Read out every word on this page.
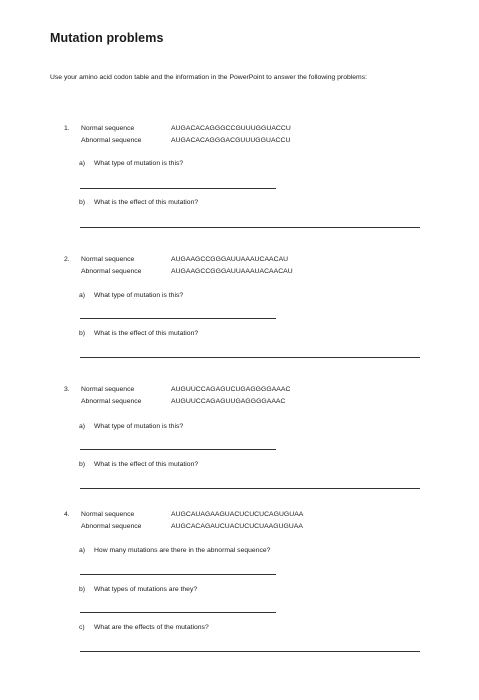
Mutation problems
Use your amino acid codon table and the information in the PowerPoint to answer the following problems:
1. Normal sequence	AUGACACAGGGCCGUUUGGUACCU
Abnormal sequence	AUGACACAGGGACGUUUGGUACCU
a) What type of mutation is this?
b) What is the effect of this mutation?
2. Normal sequence	AUGAAGCCGGGAUUAAAUCAACAU
Abnormal sequence	AUGAAGCCGGGAUUAAAUACAACAU
a) What type of mutation is this?
b) What is the effect of this mutation?
3. Normal sequence	AUGUUCCAGAGUCUGAGGGGAAAC
Abnormal sequence	AUGUUCCAGAGUUGAGGGGAAAC
a) What type of mutation is this?
b) What is the effect of this mutation?
4. Normal sequence	AUGCAUAGAAGUACUCUCUCAGUGUAA
Abnormal sequence	AUGCACAGAUCUACUCUCUAAGUGUAA
a) How many mutations are there in the abnormal sequence?
b) What types of mutations are they?
c) What are the effects of the mutations?
